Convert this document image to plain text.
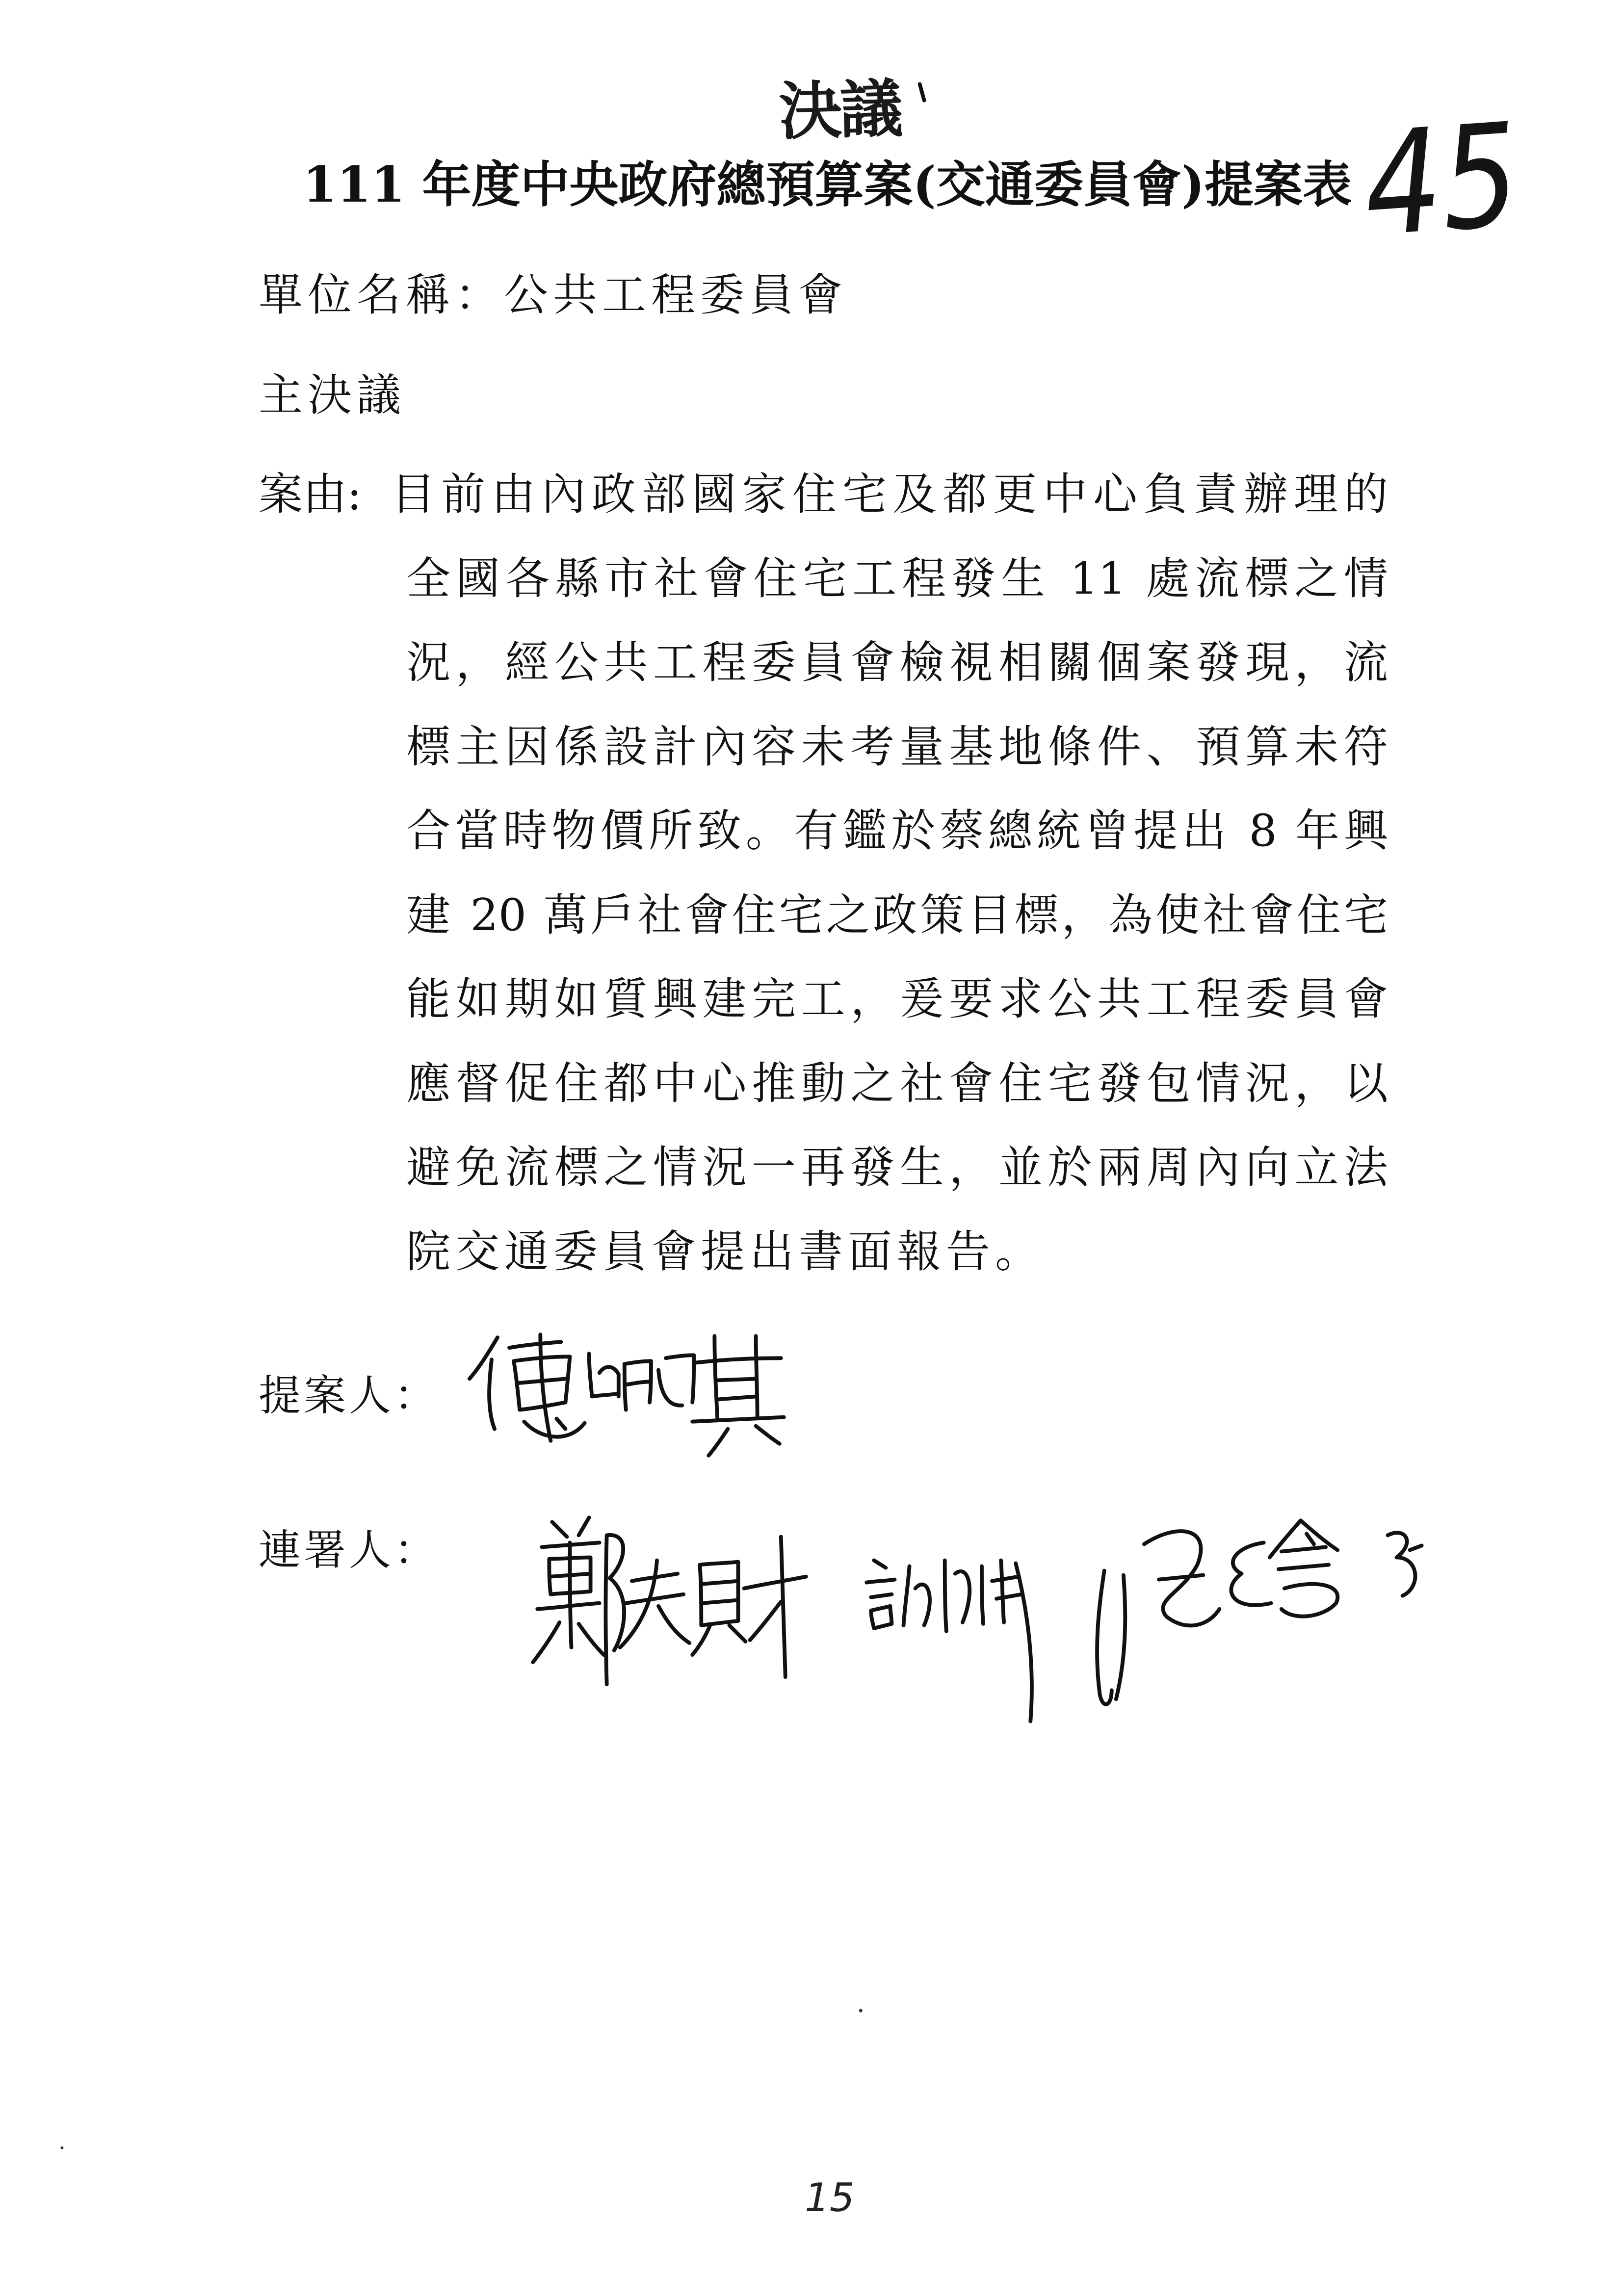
決議	45
111 年度中央政府總預算案(交通委員會)提案表
單位名稱：公共工程委員會
主決議
案由: 目前由內政部國家住宅及都更中心負責辦理的
全國各縣市社會住宅工程發生 11 處流標之情
況，經公共工程委員會檢視相關個案發現，流
標主因係設計內容未考量基地條件、預算未符
合當時物價所致。有鑑於蔡總統曾提出 8 年興
建 20 萬戶社會住宅之政策目標，為使社會住宅
能如期如質興建完工，爰要求公共工程委員會
應督促住都中心推動之社會住宅發包情況，以
避免流標之情況一再發生，並於兩周內向立法
院交通委員會提出書面報告。
提案人：
連署人：
15
